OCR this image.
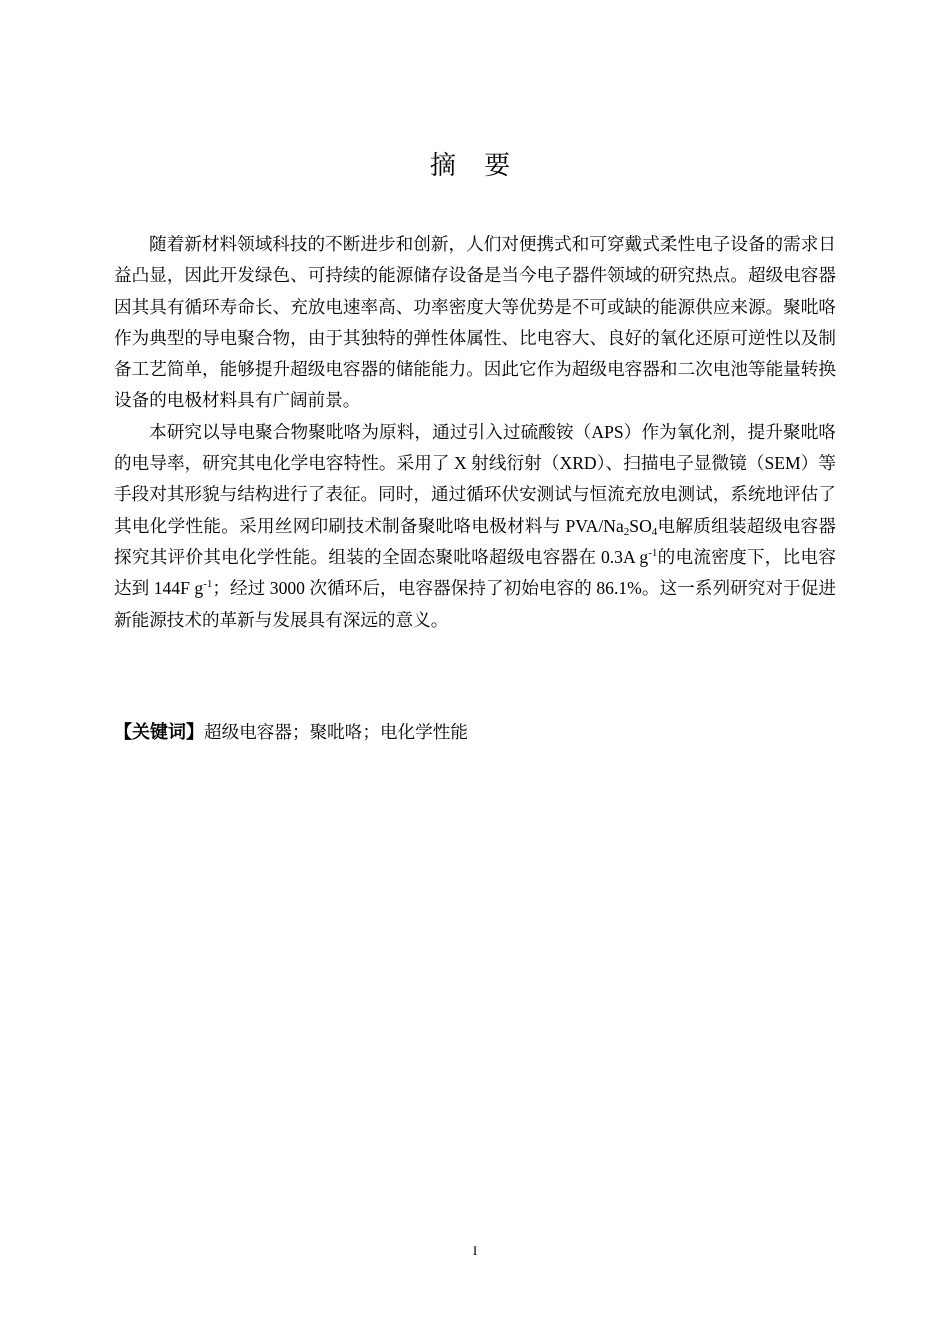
摘 要

随着新材料领域科技的不断进步和创新，人们对便携式和可穿戴式柔性电子设备的需求日益凸显，因此开发绿色、可持续的能源储存设备是当今电子器件领域的研究热点。超级电容器因其具有循环寿命长、充放电速率高、功率密度大等优势是不可或缺的能源供应来源。聚吡咯作为典型的导电聚合物，由于其独特的弹性体属性、比电容大、良好的氧化还原可逆性以及制备工艺简单，能够提升超级电容器的储能能力。因此它作为超级电容器和二次电池等能量转换设备的电极材料具有广阔前景。

本研究以导电聚合物聚吡咯为原料，通过引入过硫酸铵（APS）作为氧化剂，提升聚吡咯的电导率，研究其电化学电容特性。采用了 X 射线衍射（XRD）、扫描电子显微镜（SEM）等手段对其形貌与结构进行了表征。同时，通过循环伏安测试与恒流充放电测试，系统地评估了其电化学性能。采用丝网印刷技术制备聚吡咯电极材料与 PVA/$Na_2SO_4$电解质组装超级电容器探究其评价其电化学性能。组装的全固态聚吡咯超级电容器在 0.3A $g^{-1}$的电流密度下，比电容达到 144F $g^{-1}$；经过 3000 次循环后，电容器保持了初始电容的 86.1%。这一系列研究对于促进新能源技术的革新与发展具有深远的意义。

【关键词】超级电容器；聚吡咯；电化学性能
I
